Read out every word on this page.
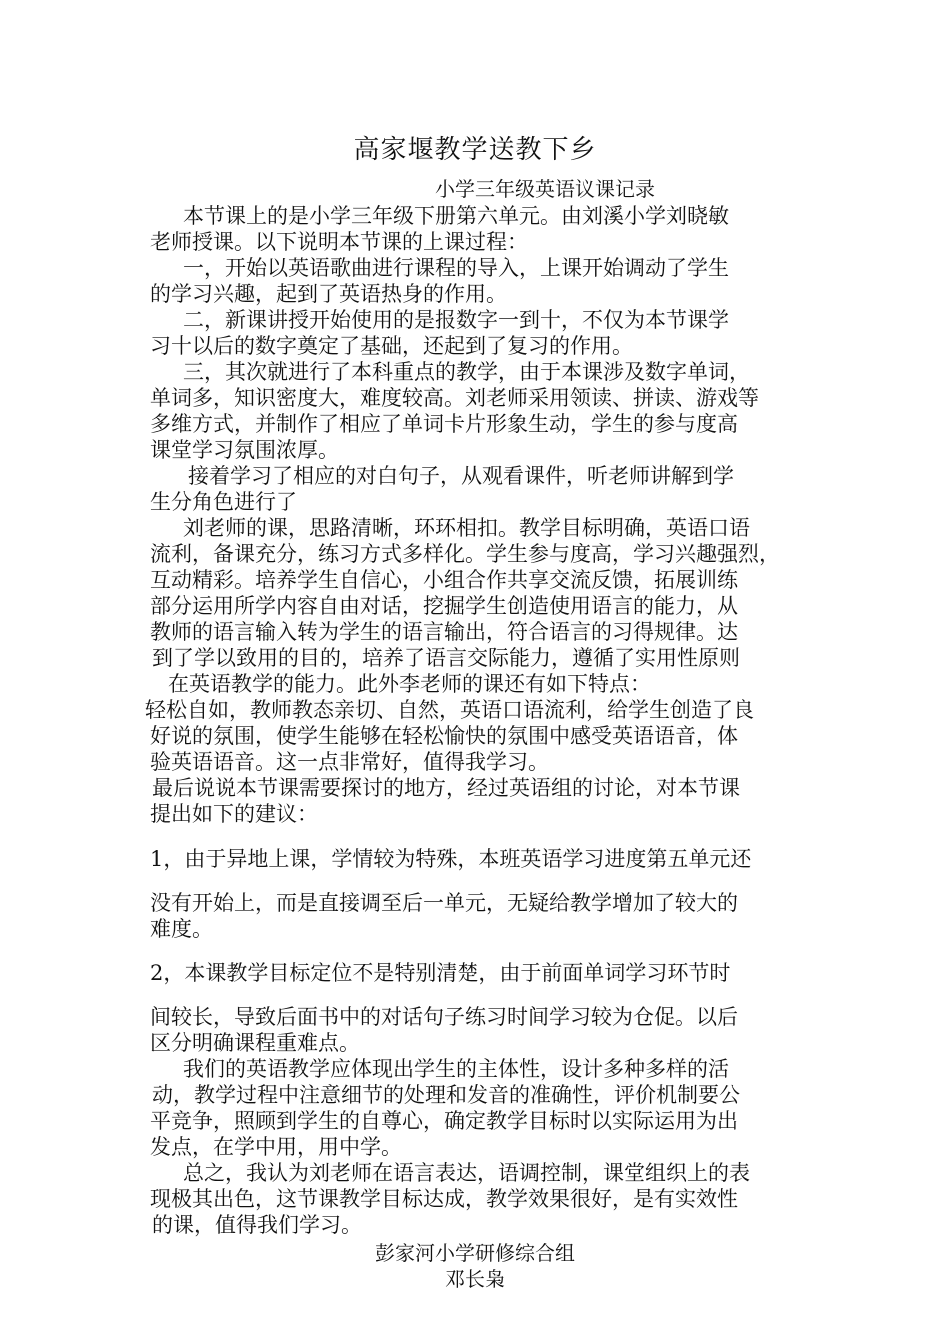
高家堰教学送教下乡
小学三年级英语议课记录
本节课上的是小学三年级下册第六单元。由刘溪小学刘晓敏
老师授课。以下说明本节课的上课过程：
一，开始以英语歌曲进行课程的导入，上课开始调动了学生
的学习兴趣，起到了英语热身的作用。
二，新课讲授开始使用的是报数字一到十，不仅为本节课学
习十以后的数字奠定了基础，还起到了复习的作用。
三，其次就进行了本科重点的教学，由于本课涉及数字单词，
单词多，知识密度大，难度较高。刘老师采用领读、拼读、游戏等
多维方式，并制作了相应了单词卡片形象生动，学生的参与度高
课堂学习氛围浓厚。
接着学习了相应的对白句子，从观看课件，听老师讲解到学
生分角色进行了
刘老师的课，思路清晰，环环相扣。教学目标明确，英语口语
流利，备课充分，练习方式多样化。学生参与度高，学习兴趣强烈，
互动精彩。培养学生自信心，小组合作共享交流反馈，拓展训练
部分运用所学内容自由对话，挖掘学生创造使用语言的能力，从
教师的语言输入转为学生的语言输出，符合语言的习得规律。达
到了学以致用的目的，培养了语言交际能力，遵循了实用性原则
在英语教学的能力。此外李老师的课还有如下特点：
轻松自如，教师教态亲切、自然，英语口语流利，给学生创造了良
好说的氛围，使学生能够在轻松愉快的氛围中感受英语语音，体
验英语语音。这一点非常好，值得我学习。
最后说说本节课需要探讨的地方，经过英语组的讨论，对本节课
提出如下的建议：
1，由于异地上课，学情较为特殊，本班英语学习进度第五单元还
没有开始上，而是直接调至后一单元，无疑给教学增加了较大的
难度。
2，本课教学目标定位不是特别清楚，由于前面单词学习环节时
间较长，导致后面书中的对话句子练习时间学习较为仓促。以后
区分明确课程重难点。
我们的英语教学应体现出学生的主体性，设计多种多样的活
动，教学过程中注意细节的处理和发音的准确性，评价机制要公
平竞争，照顾到学生的自尊心，确定教学目标时以实际运用为出
发点，在学中用，用中学。
总之，我认为刘老师在语言表达，语调控制，课堂组织上的表
现极其出色，这节课教学目标达成，教学效果很好，是有实效性
的课，值得我们学习。
彭家河小学研修综合组
邓长枭
